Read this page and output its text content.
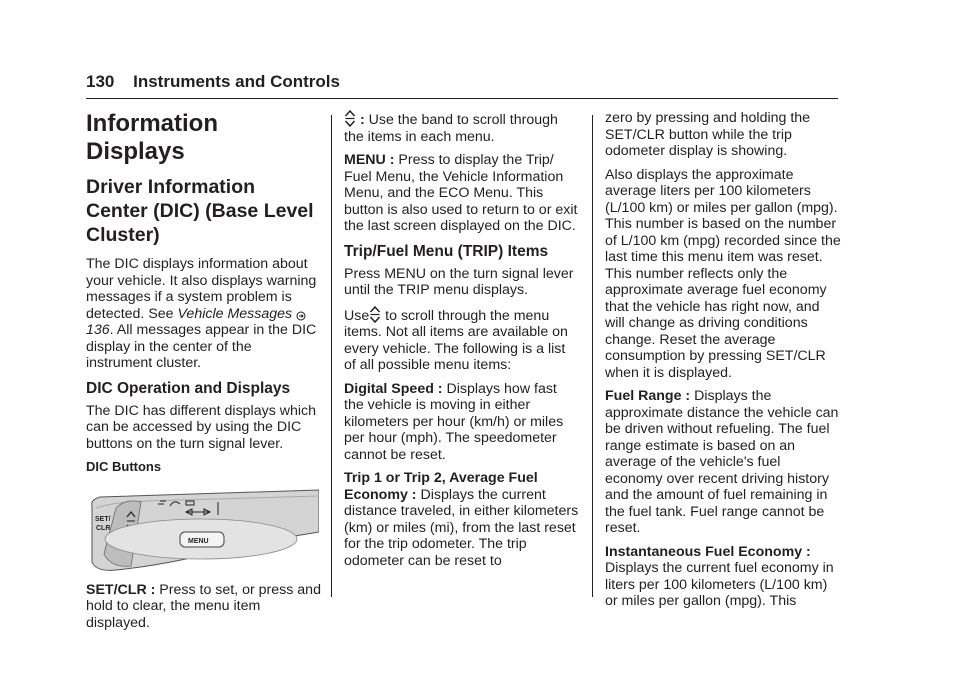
130 Instruments and Controls
Information Displays
Driver Information Center (DIC) (Base Level Cluster)

The DIC displays information about your vehicle. It also displays warning messages if a system problem is detected. See Vehicle Messages  136. All messages appear in the DIC display in the center of the instrument cluster.

DIC Operation and Displays

The DIC has different displays which can be accessed by using the DIC buttons on the turn signal lever.

DIC Buttons

SET/
CLR
MENU

SET/CLR : Press to set, or press and hold to clear, the menu item displayed.

: Use the band to scroll through the items in each menu.

MENU : Press to display the Trip/ Fuel Menu, the Vehicle Information Menu, and the ECO Menu. This button is also used to return to or exit the last screen displayed on the DIC.

Trip/Fuel Menu (TRIP) Items

Press MENU on the turn signal lever until the TRIP menu displays.

Use to scroll through the menu items. Not all items are available on every vehicle. The following is a list of all possible menu items:

Digital Speed : Displays how fast the vehicle is moving in either kilometers per hour (km/h) or miles per hour (mph). The speedometer cannot be reset.

Trip 1 or Trip 2, Average Fuel Economy : Displays the current distance traveled, in either kilometers (km) or miles (mi), from the last reset for the trip odometer. The trip odometer can be reset to

zero by pressing and holding the SET/CLR button while the trip odometer display is showing.

Also displays the approximate average liters per 100 kilometers (L/100 km) or miles per gallon (mpg). This number is based on the number of L/100 km (mpg) recorded since the last time this menu item was reset. This number reflects only the approximate average fuel economy that the vehicle has right now, and will change as driving conditions change. Reset the average consumption by pressing SET/CLR when it is displayed.

Fuel Range : Displays the approximate distance the vehicle can be driven without refueling. The fuel range estimate is based on an average of the vehicle's fuel economy over recent driving history and the amount of fuel remaining in the fuel tank. Fuel range cannot be reset.

Instantaneous Fuel Economy : Displays the current fuel economy in liters per 100 kilometers (L/100 km) or miles per gallon (mpg). This
